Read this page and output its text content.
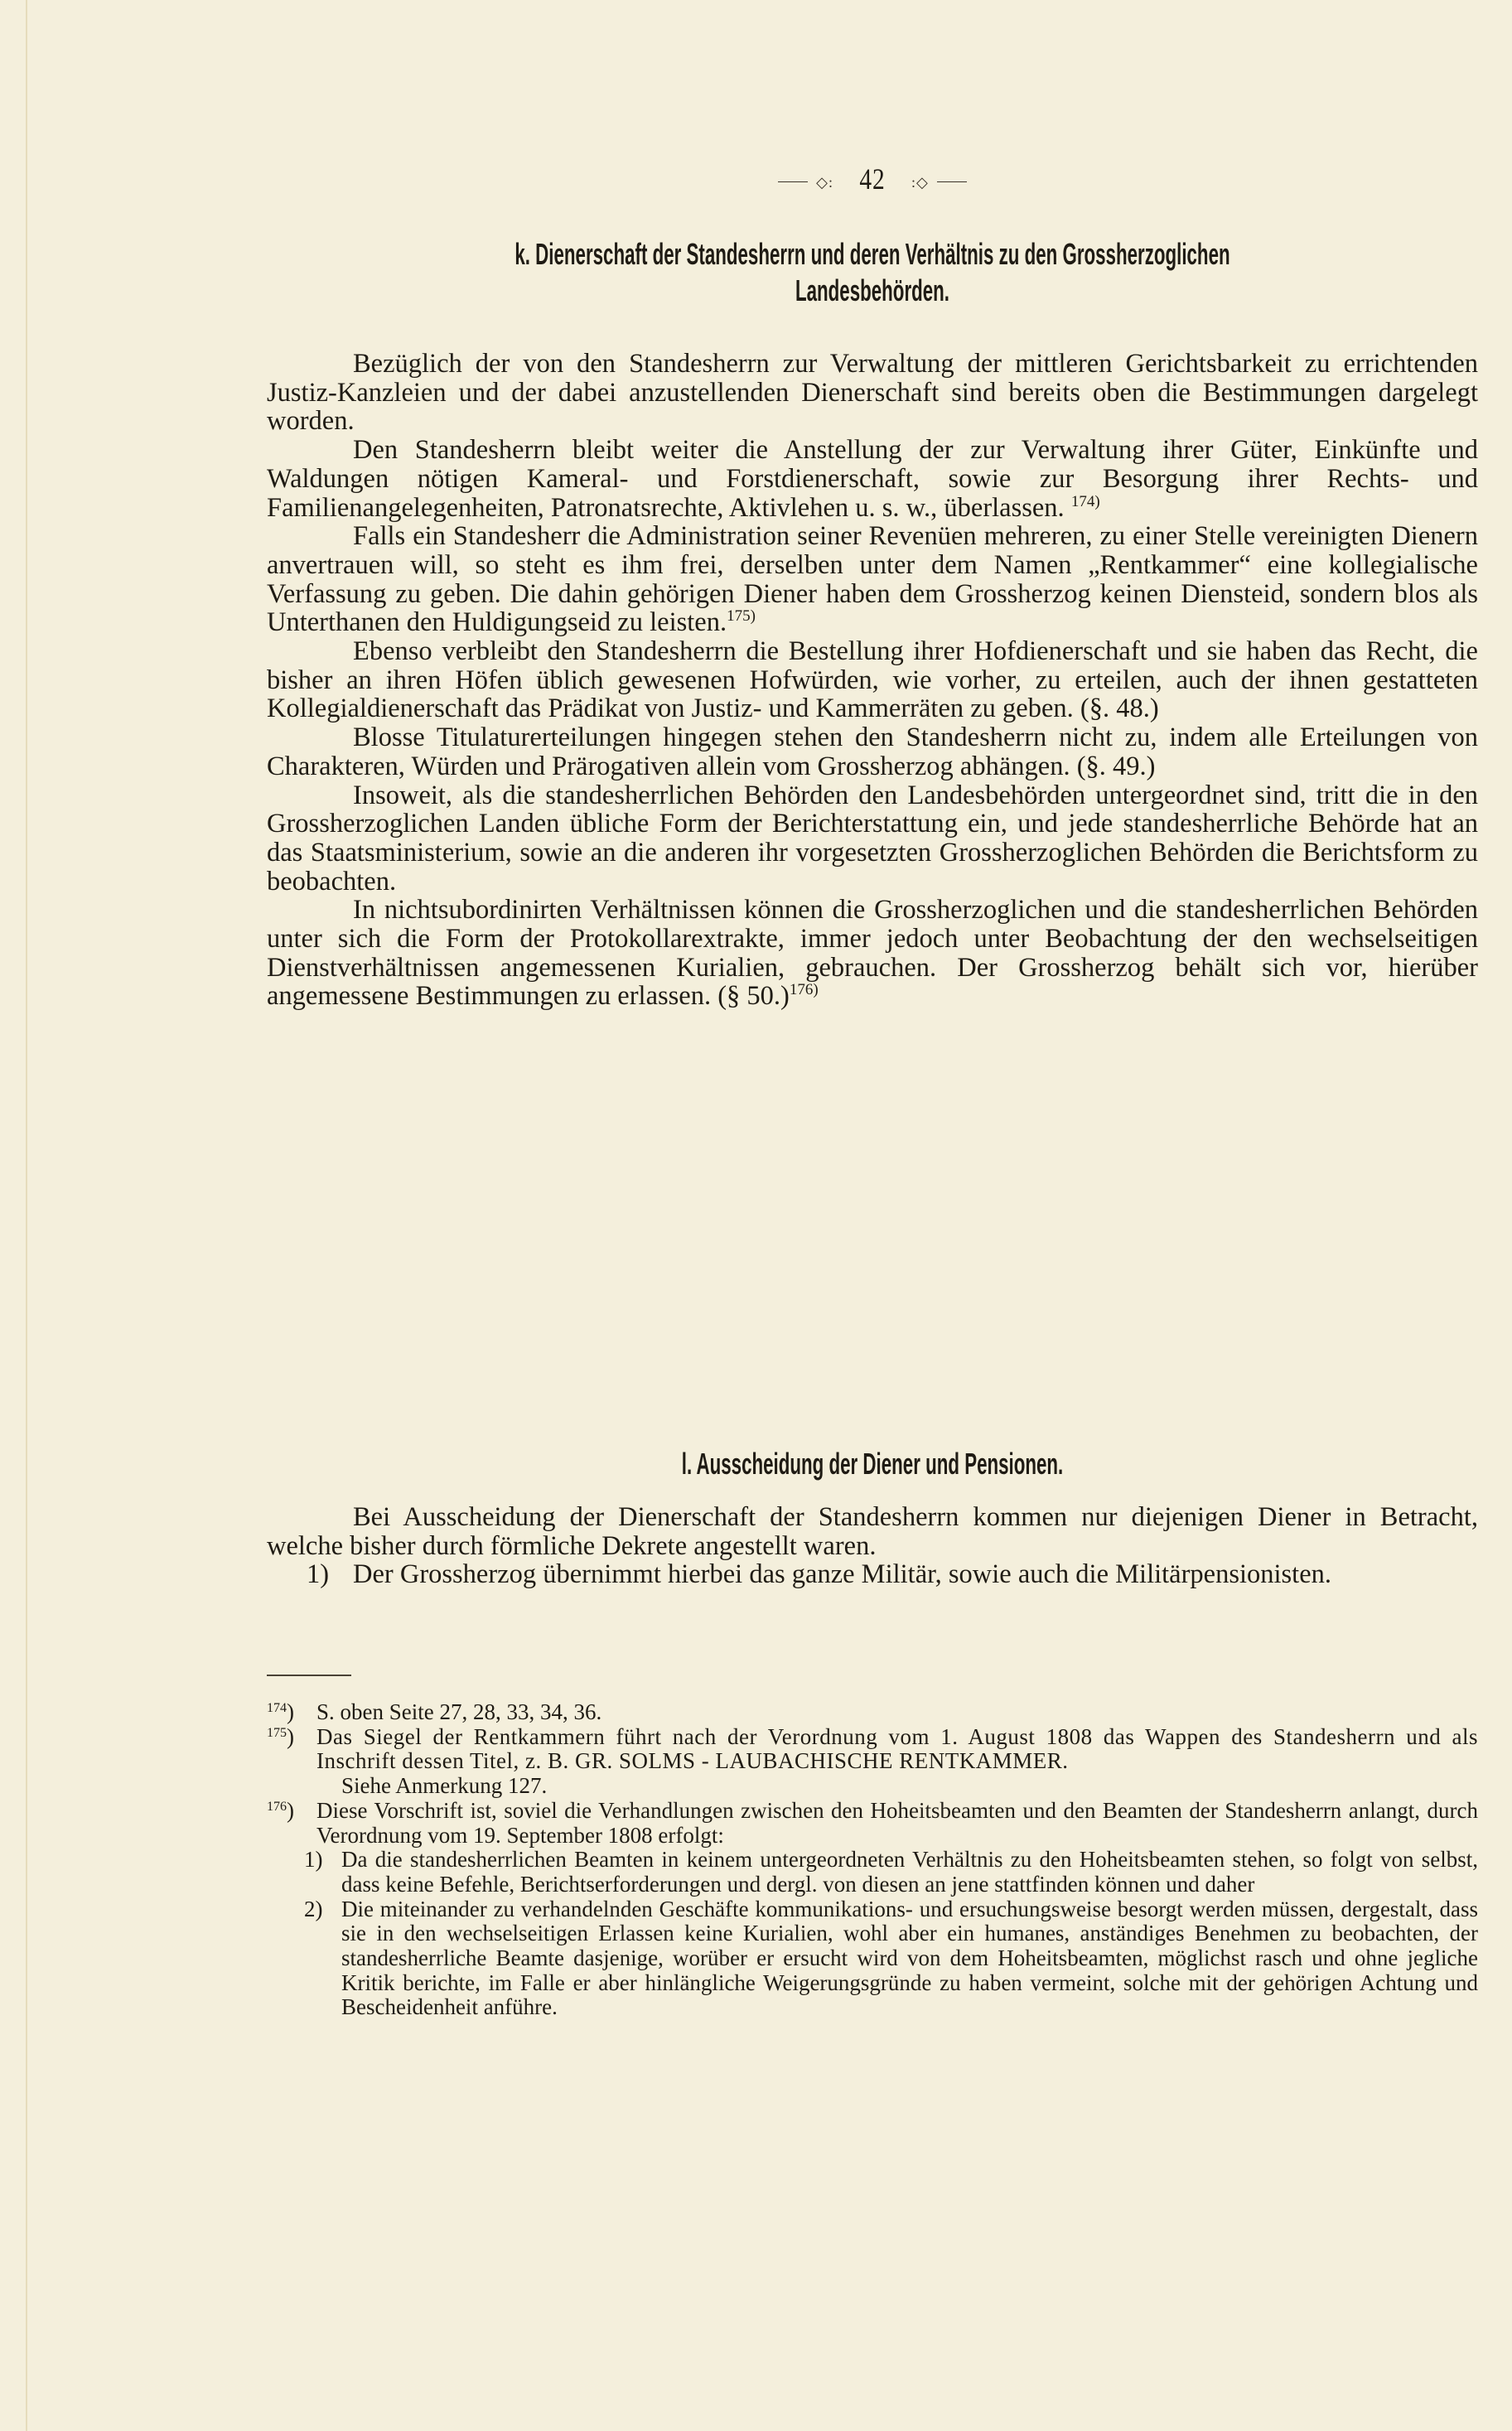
◇: 42 :◇
k. Dienerschaft der Standesherrn und deren Verhältnis zu den Grossherzoglichen
Landesbehörden.

Bezüglich der von den Standesherrn zur Verwaltung der mittleren Gerichtsbarkeit zu errichtenden Justiz-Kanzleien und der dabei anzustellenden Dienerschaft sind bereits oben die Bestimmungen dargelegt worden.

Den Standesherrn bleibt weiter die Anstellung der zur Verwaltung ihrer Güter, Einkünfte und Waldungen nötigen Kameral- und Forstdienerschaft, sowie zur Besorgung ihrer Rechts- und Familienangelegenheiten, Patronatsrechte, Aktivlehen u. s. w., überlassen. $^{174)}$

Falls ein Standesherr die Administration seiner Revenüen mehreren, zu einer Stelle vereinigten Dienern anvertrauen will, so steht es ihm frei, derselben unter dem Namen „Rentkammer“ eine kollegialische Verfassung zu geben. Die dahin gehörigen Diener haben dem Grossherzog keinen Diensteid, sondern blos als Unterthanen den Huldigungseid zu leisten.$^{175)}$

Ebenso verbleibt den Standesherrn die Bestellung ihrer Hofdienerschaft und sie haben das Recht, die bisher an ihren Höfen üblich gewesenen Hofwürden, wie vorher, zu erteilen, auch der ihnen gestatteten Kollegialdienerschaft das Prädikat von Justiz- und Kammerräten zu geben. (§. 48.)

Blosse Titulaturerteilungen hingegen stehen den Standesherrn nicht zu, indem alle Erteilungen von Charakteren, Würden und Prärogativen allein vom Grossherzog abhängen. (§. 49.)

Insoweit, als die standesherrlichen Behörden den Landesbehörden untergeordnet sind, tritt die in den Grossherzoglichen Landen übliche Form der Berichterstattung ein, und jede standesherrliche Behörde hat an das Staatsministerium, sowie an die anderen ihr vorgesetzten Grossherzoglichen Behörden die Berichtsform zu beobachten.

In nichtsubordinirten Verhältnissen können die Grossherzoglichen und die standesherrlichen Behörden unter sich die Form der Protokollarextrakte, immer jedoch unter Beobachtung der den wechselseitigen Dienstverhältnissen angemessenen Kurialien, gebrauchen. Der Grossherzog behält sich vor, hierüber angemessene Bestimmungen zu erlassen. (§ 50.)$^{176)}$

l. Ausscheidung der Diener und Pensionen.

Bei Ausscheidung der Dienerschaft der Standesherrn kommen nur diejenigen Diener in Betracht, welche bisher durch förmliche Dekrete angestellt waren.

1) Der Grossherzog übernimmt hierbei das ganze Militär, sowie auch die Militärpensionisten.

$^{174}$) S. oben Seite 27, 28, 33, 34, 36.
$^{175}$) Das Siegel der Rentkammern führt nach der Verordnung vom 1. August 1808 das Wappen des Standesherrn und als Inschrift dessen Titel, z. B. GR. SOLMS - LAUBACHISCHE RENTKAMMER.

Siehe Anmerkung 127.

$^{176}$) Diese Vorschrift ist, soviel die Verhandlungen zwischen den Hoheitsbeamten und den Beamten der Standesherrn anlangt, durch Verordnung vom 19. September 1808 erfolgt:
1) Da die standesherrlichen Beamten in keinem untergeordneten Verhältnis zu den Hoheitsbeamten stehen, so folgt von selbst, dass keine Befehle, Berichtserforderungen und dergl. von diesen an jene stattfinden können und daher
2) Die miteinander zu verhandelnden Geschäfte kommunikations- und ersuchungsweise besorgt werden müssen, dergestalt, dass sie in den wechselseitigen Erlassen keine Kurialien, wohl aber ein humanes, anständiges Benehmen zu beobachten, der standesherrliche Beamte dasjenige, worüber er ersucht wird von dem Hoheitsbeamten, möglichst rasch und ohne jegliche Kritik berichte, im Falle er aber hinlängliche Weigerungsgründe zu haben vermeint, solche mit der gehörigen Achtung und Bescheidenheit anführe.
